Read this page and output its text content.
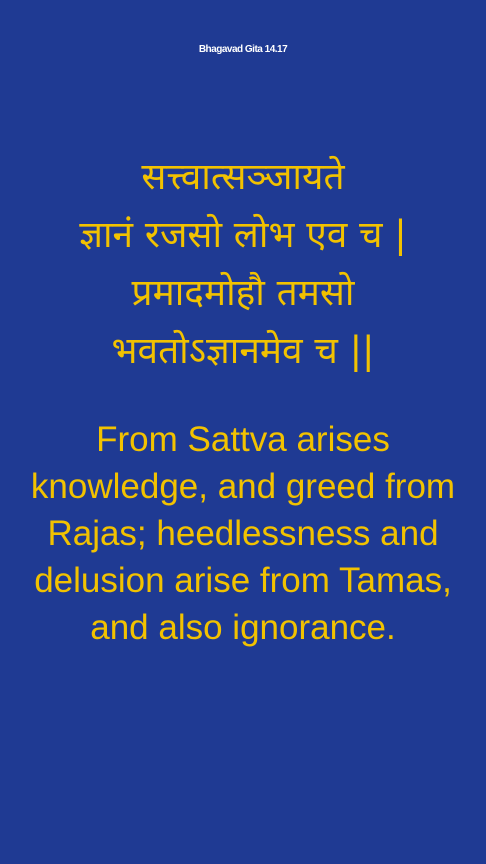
Bhagavad Gita 14.17
सत्त्वात्सञ्जायते
ज्ञानं रजसो लोभ एव च |
प्रमादमोहौ तमसो
भवतोऽज्ञानमेव च ||
From Sattva arises
knowledge, and greed from
Rajas; heedlessness and
delusion arise from Tamas,
and also ignorance.
